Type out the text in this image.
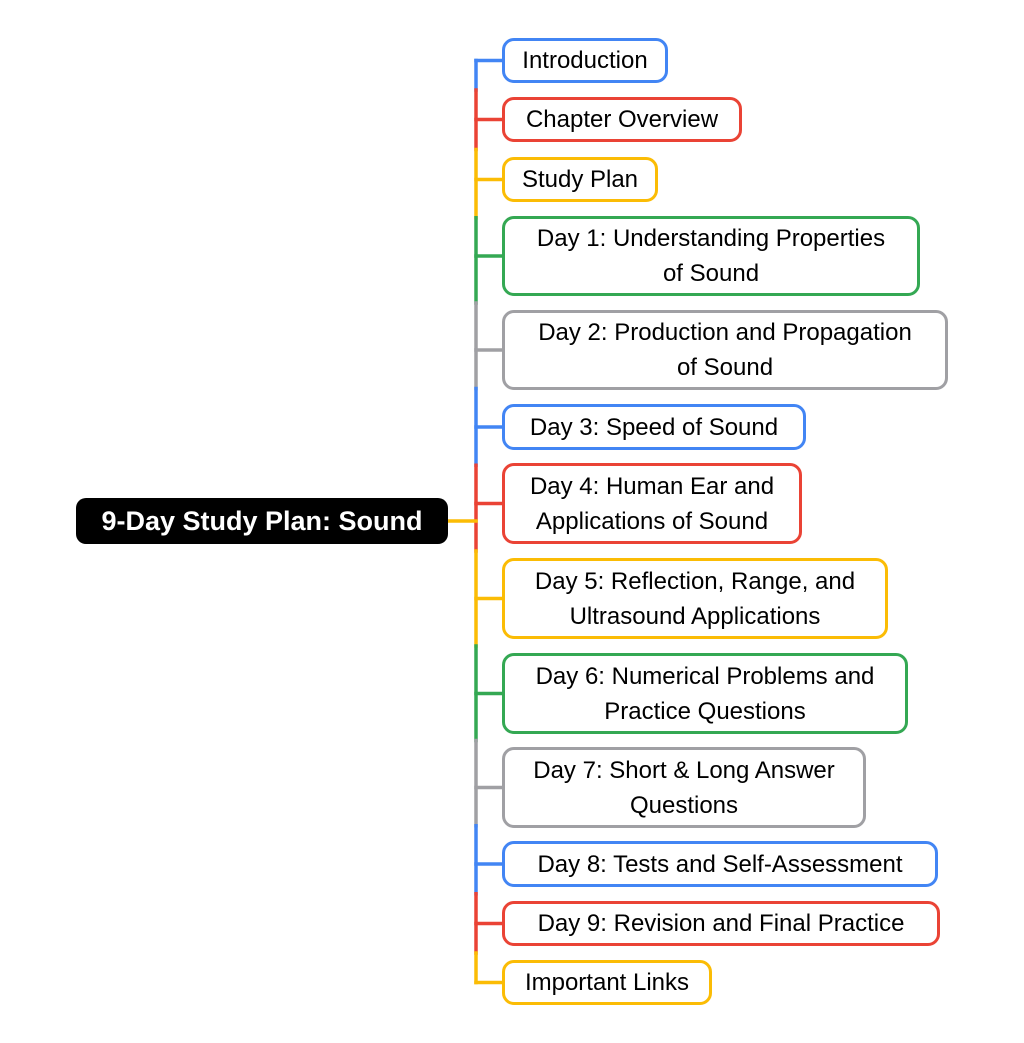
9-Day Study Plan: Sound
Introduction
Chapter Overview
Study Plan
Day 1: Understanding Properties
of Sound
Day 2: Production and Propagation
of Sound
Day 3: Speed of Sound
Day 4: Human Ear and
Applications of Sound
Day 5: Reflection, Range, and
Ultrasound Applications
Day 6: Numerical Problems and
Practice Questions
Day 7: Short & Long Answer
Questions
Day 8: Tests and Self-Assessment
Day 9: Revision and Final Practice
Important Links
